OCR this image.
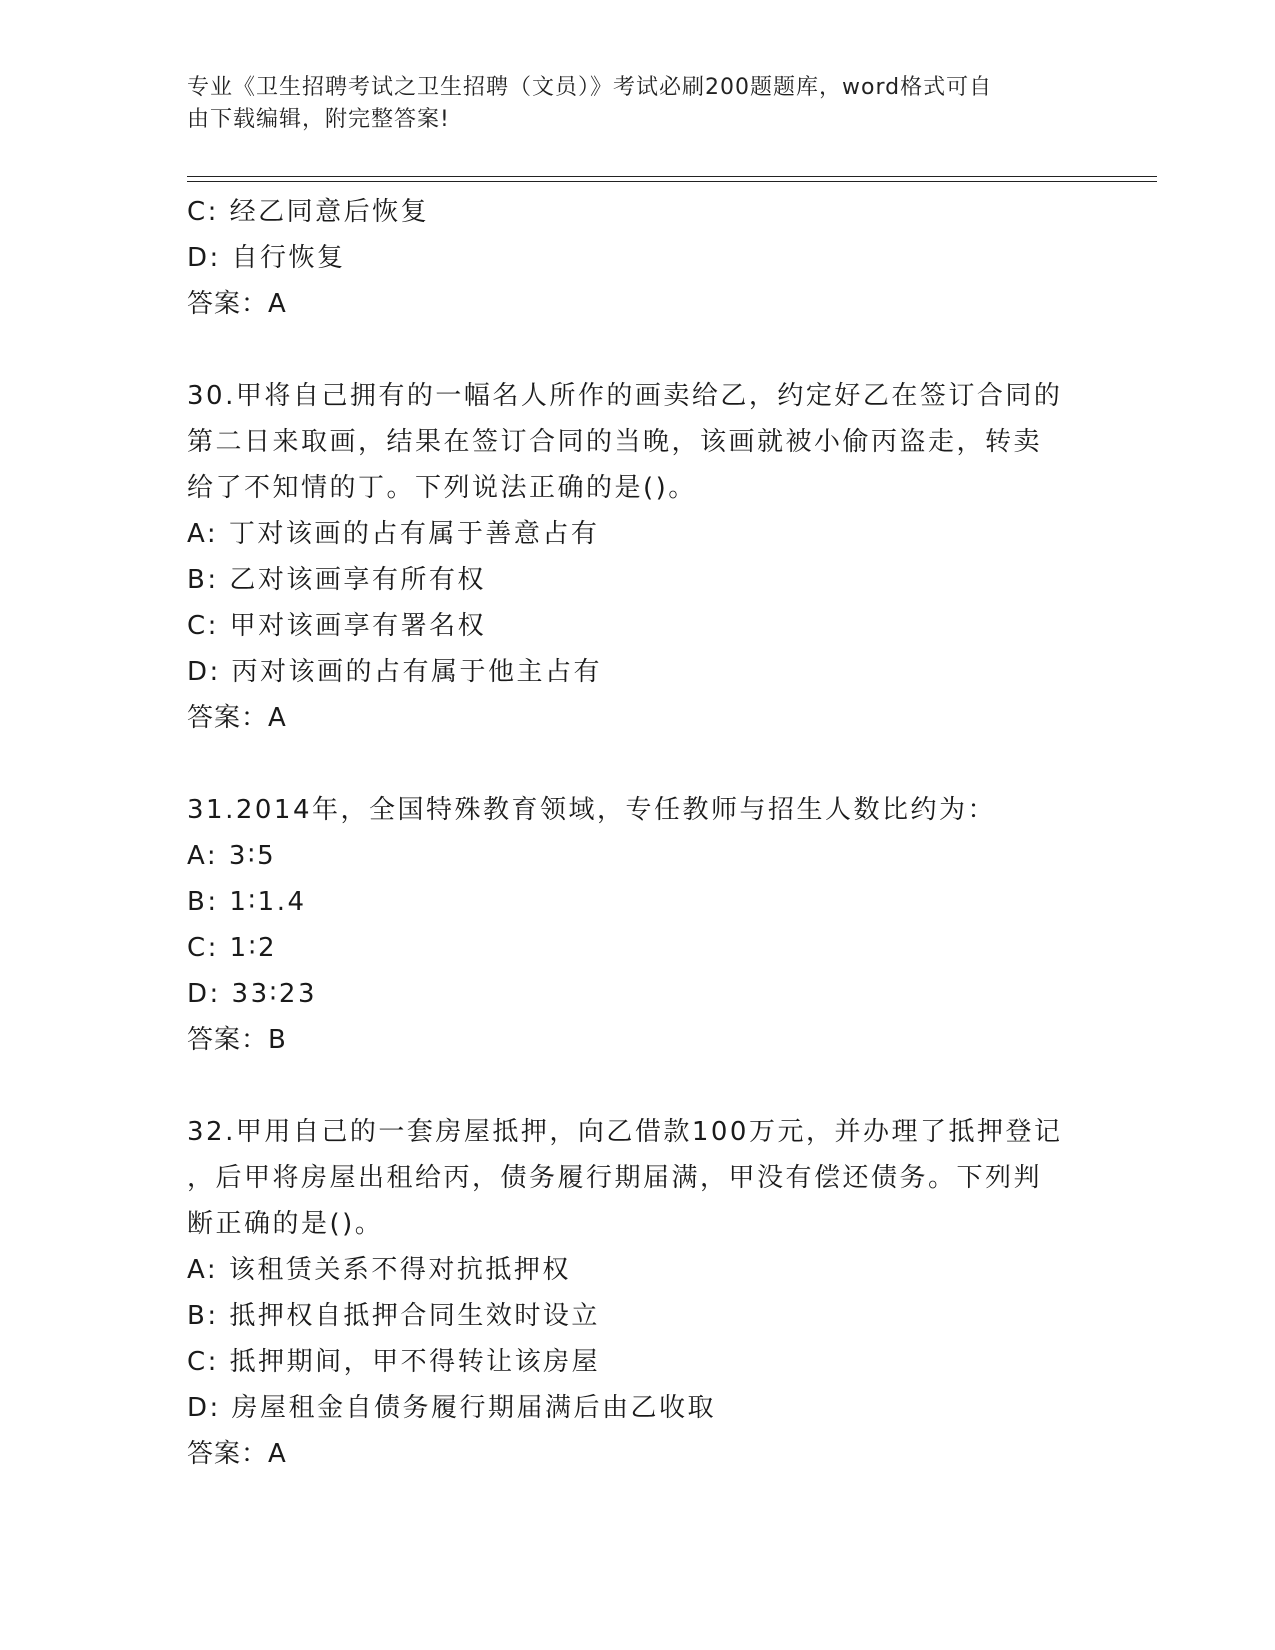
专业《卫生招聘考试之卫生招聘（文员）》考试必刷200题题库，word格式可自
由下载编辑，附完整答案!
C: 经乙同意后恢复
D: 自行恢复
答案：A
30.甲将自己拥有的一幅名人所作的画卖给乙，约定好乙在签订合同的
第二日来取画，结果在签订合同的当晚，该画就被小偷丙盗走，转卖
给了不知情的丁。下列说法正确的是()。
A: 丁对该画的占有属于善意占有
B: 乙对该画享有所有权
C: 甲对该画享有署名权
D: 丙对该画的占有属于他主占有
答案：A
31.2014年，全国特殊教育领域，专任教师与招生人数比约为：
A: 3∶5
B: 1∶1.4
C: 1∶2
D: 33∶23
答案：B
32.甲用自己的一套房屋抵押，向乙借款100万元，并办理了抵押登记
，后甲将房屋出租给丙，债务履行期届满，甲没有偿还债务。下列判
断正确的是()。
A: 该租赁关系不得对抗抵押权
B: 抵押权自抵押合同生效时设立
C: 抵押期间，甲不得转让该房屋
D: 房屋租金自债务履行期届满后由乙收取
答案：A
